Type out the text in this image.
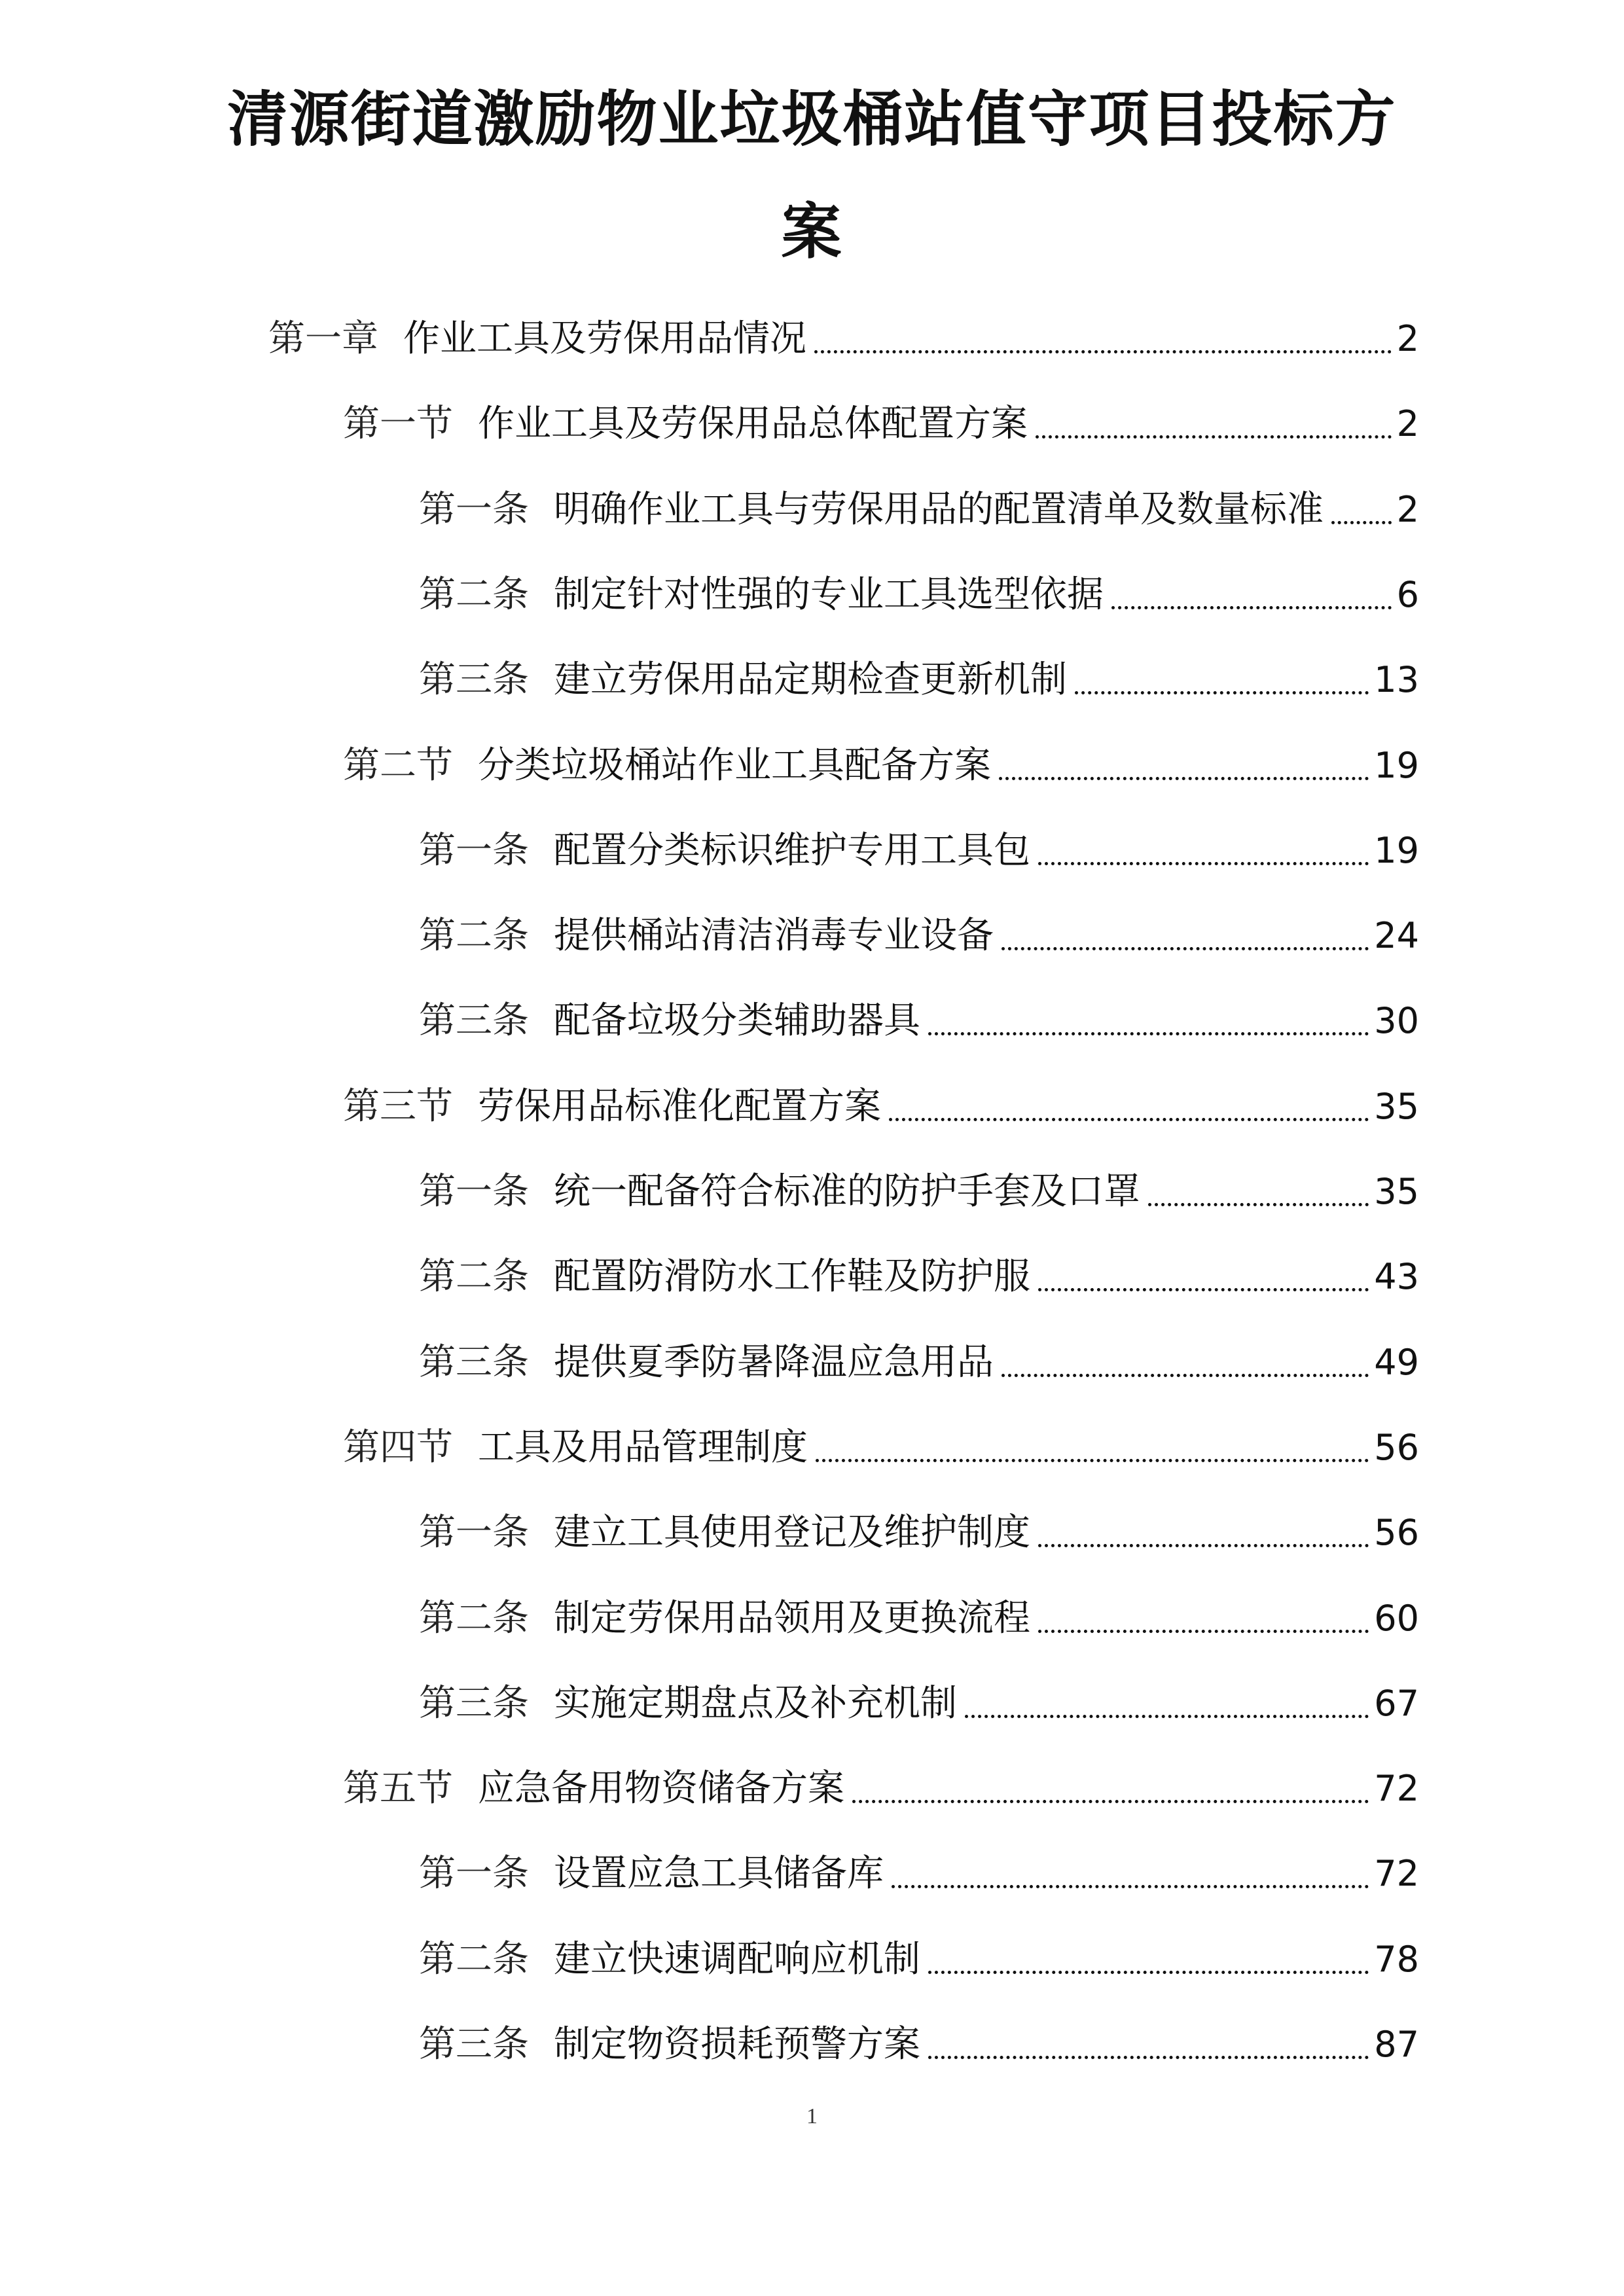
清源街道激励物业垃圾桶站值守项目投标方
案
第一章 作业工具及劳保用品情况	2
第一节 作业工具及劳保用品总体配置方案	2
第一条 明确作业工具与劳保用品的配置清单及数量标准 2
第二条 制定针对性强的专业工具选型依据	6
第三条 建立劳保用品定期检查更新机制	13
第二节 分类垃圾桶站作业工具配备方案	19
第一条 配置分类标识维护专用工具包	19
第二条 提供桶站清洁消毒专业设备	24
第三条 配备垃圾分类辅助器具	30
第三节 劳保用品标准化配置方案	35
第一条 统一配备符合标准的防护手套及口罩	35
第二条 配置防滑防水工作鞋及防护服	43
第三条 提供夏季防暑降温应急用品	49
第四节 工具及用品管理制度	56
第一条 建立工具使用登记及维护制度	56
第二条 制定劳保用品领用及更换流程	60
第三条 实施定期盘点及补充机制	67
第五节 应急备用物资储备方案	72
第一条 设置应急工具储备库	72
第二条 建立快速调配响应机制	78
第三条 制定物资损耗预警方案	87
1
